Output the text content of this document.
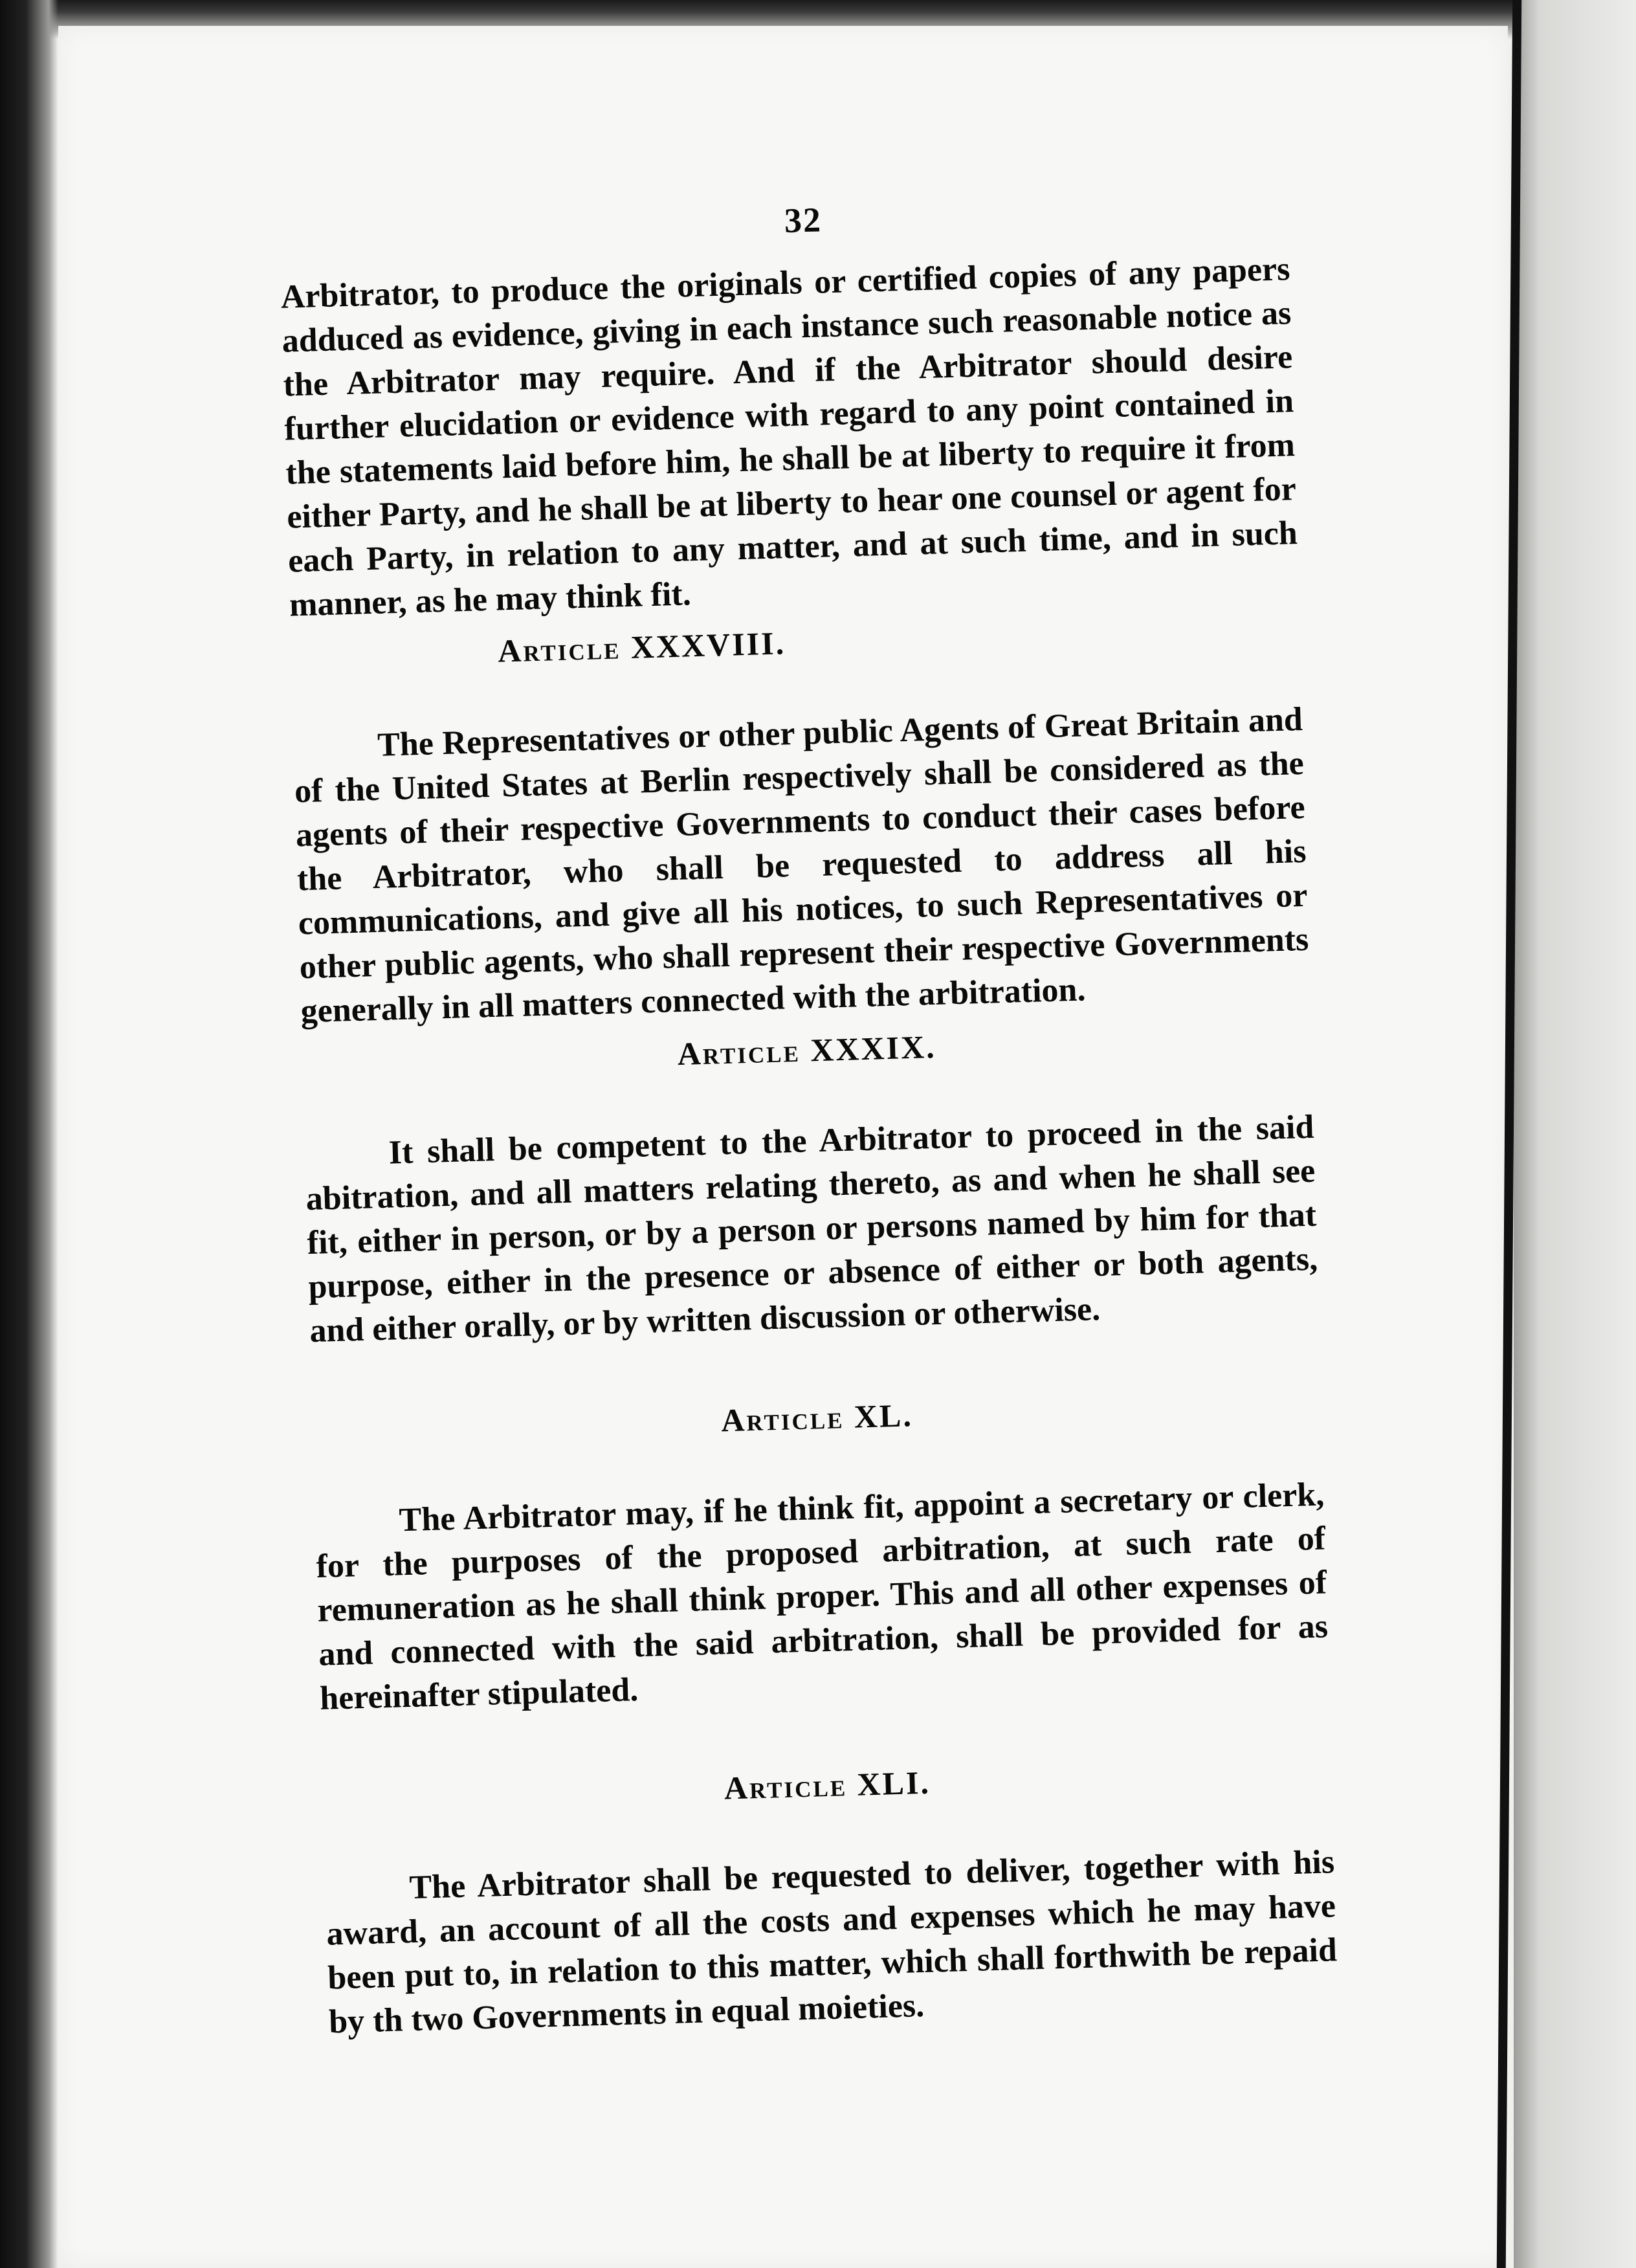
32

Arbitrator, to produce the originals or certified copies of any papers adduced as evidence, giving in each instance such reasonable notice as the Arbitrator may require. And if the Arbitrator should desire further elucidation or evidence with regard to any point contained in the statements laid before him, he shall be at liberty to require it from either Party, and he shall be at liberty to hear one counsel or agent for each Party, in relation to any matter, and at such time, and in such manner, as he may think fit.

Article XXXVIII.

The Representatives or other public Agents of Great Britain and of the United States at Berlin respectively shall be considered as the agents of their respective Governments to conduct their cases before the Arbitrator, who shall be requested to address all his communications, and give all his notices, to such Representatives or other public agents, who shall represent their respective Governments generally in all matters connected with the arbitration.

Article XXXIX.

It shall be competent to the Arbitrator to proceed in the said abitration, and all matters relating thereto, as and when he shall see fit, either in person, or by a person or persons named by him for that purpose, either in the presence or absence of either or both agents, and either orally, or by written discussion or otherwise.

Article XL.

The Arbitrator may, if he think fit, appoint a secretary or clerk, for the purposes of the proposed arbitration, at such rate of remuneration as he shall think proper. This and all other expenses of and connected with the said arbitration, shall be provided for as hereinafter stipulated.

Article XLI.

The Arbitrator shall be requested to deliver, together with his award, an account of all the costs and expenses which he may have been put to, in relation to this matter, which shall forthwith be repaid by th two Governments in equal moieties.
